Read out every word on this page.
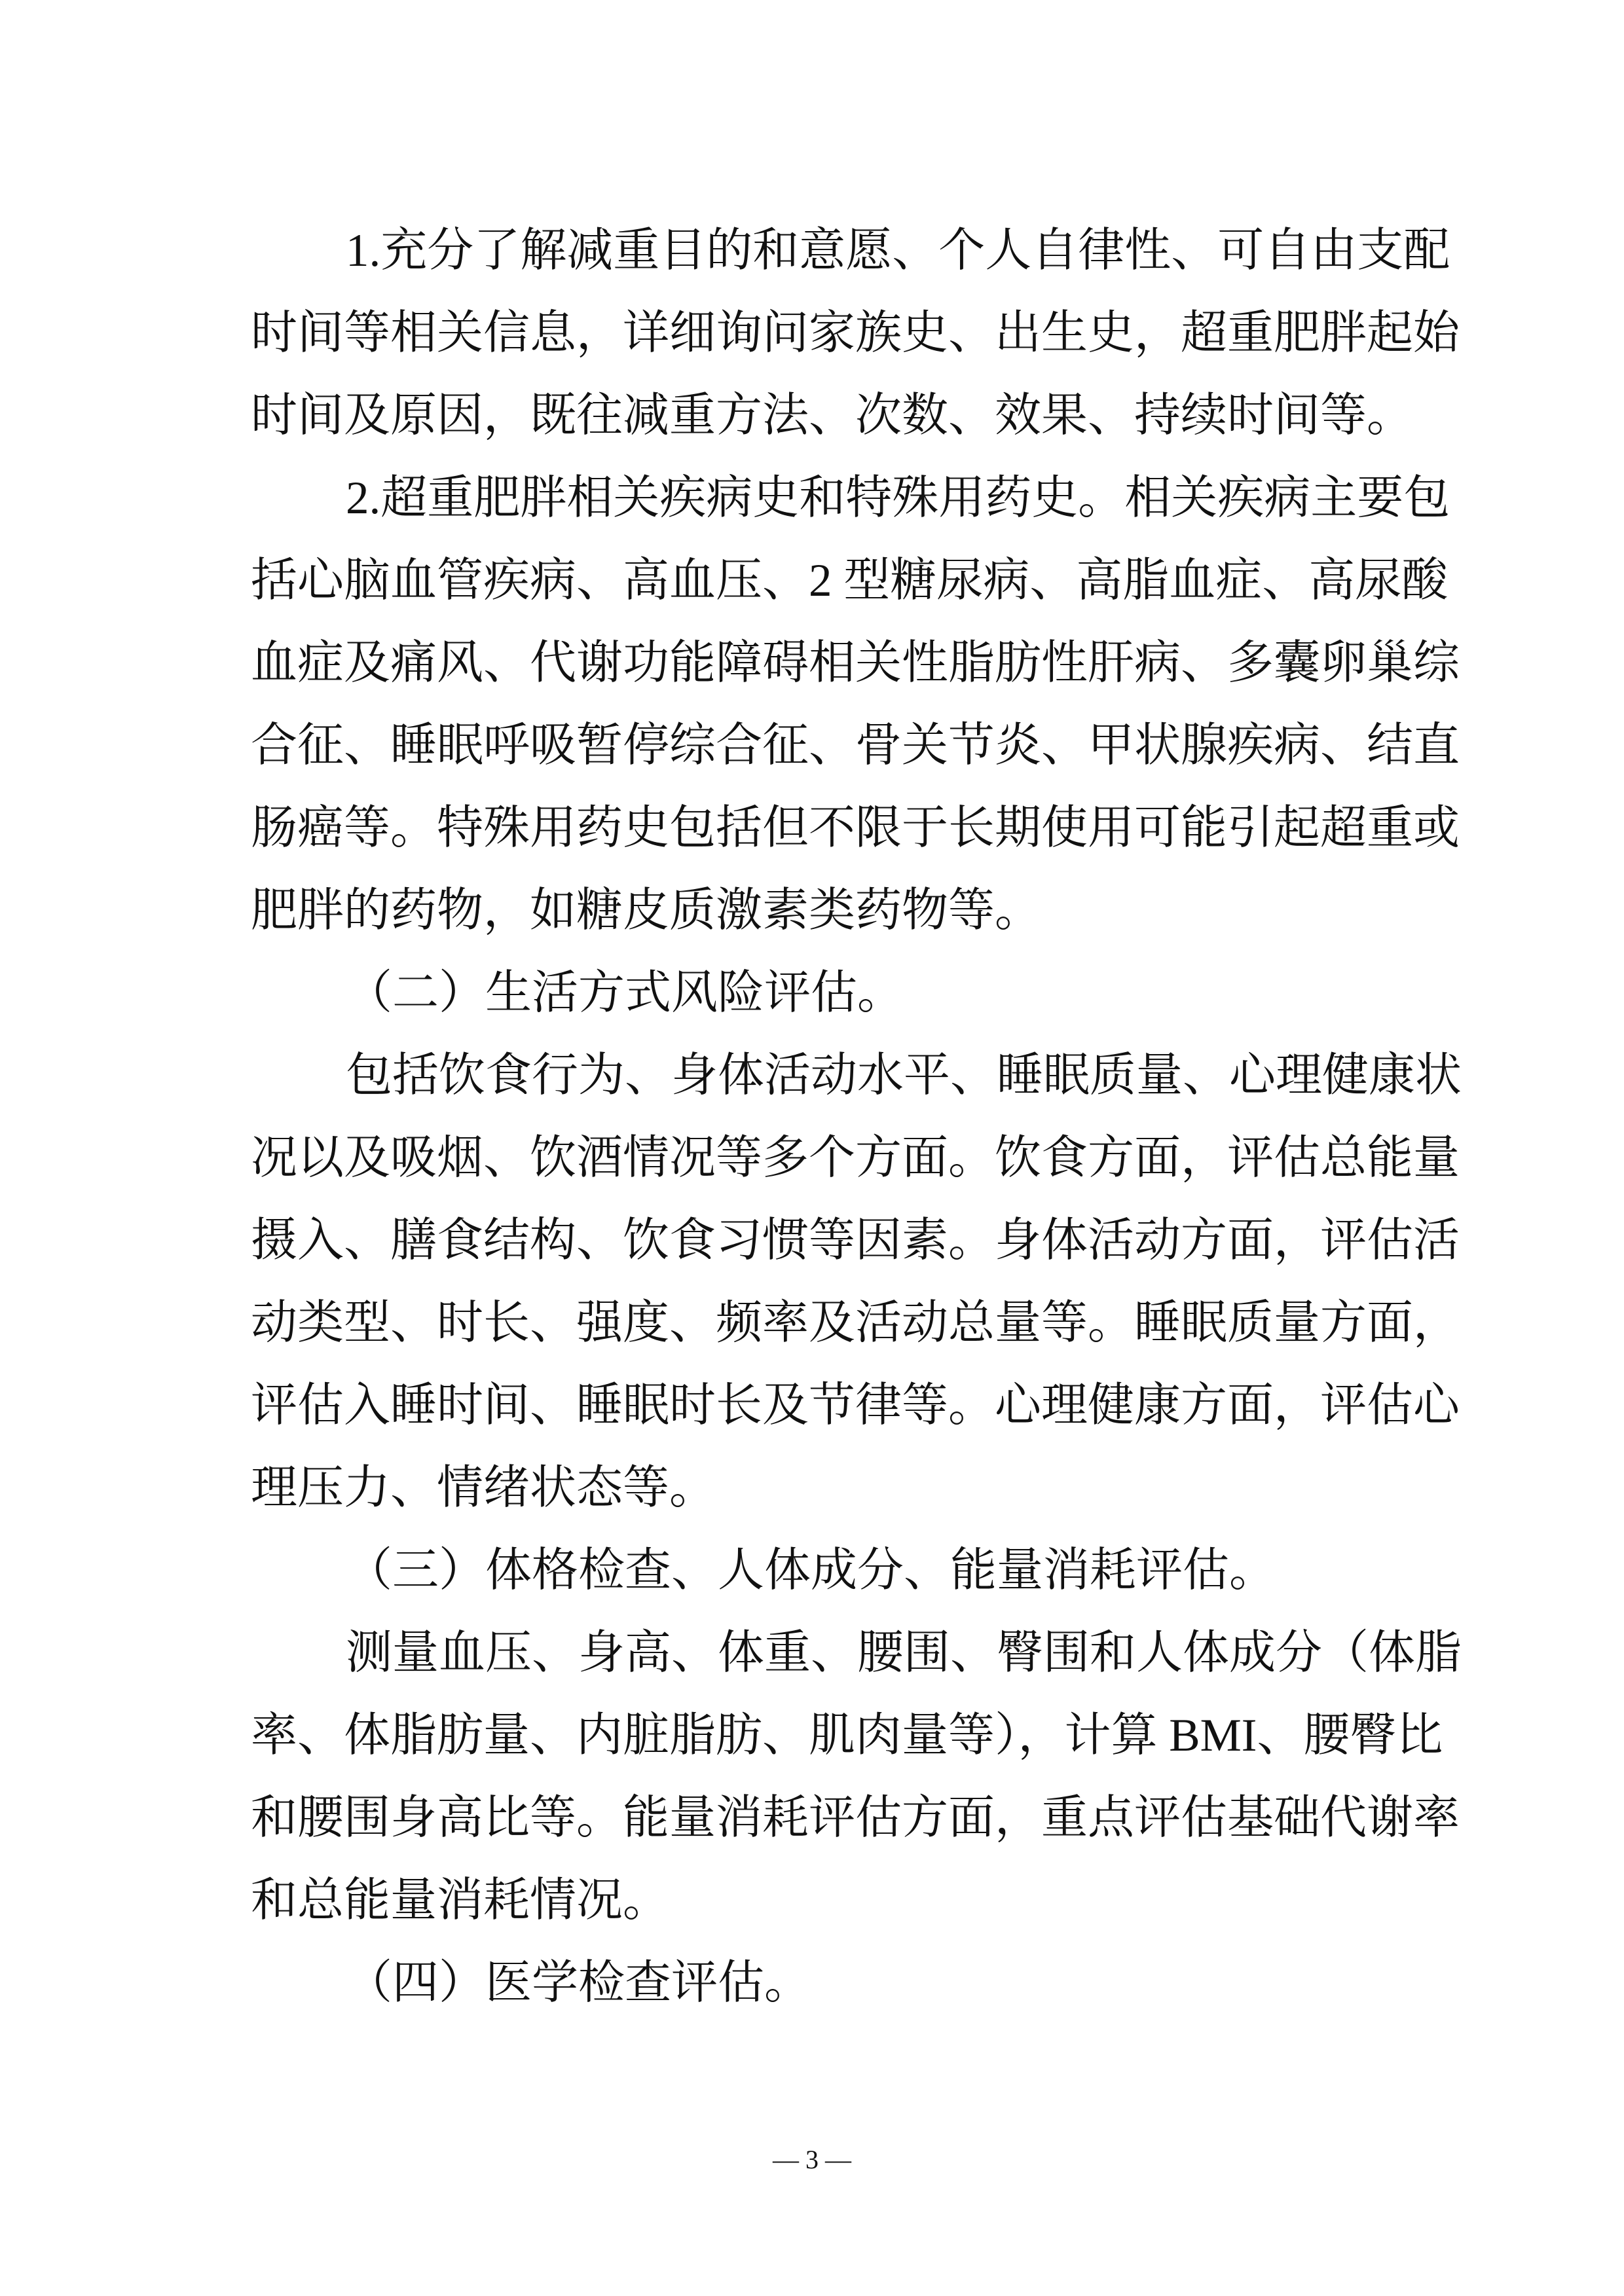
1.充分了解减重目的和意愿、个人自律性、可自由支配
时间等相关信息，详细询问家族史、出生史，超重肥胖起始
时间及原因，既往减重方法、次数、效果、持续时间等。
2.超重肥胖相关疾病史和特殊用药史。相关疾病主要包
括心脑血管疾病、高血压、2 型糖尿病、高脂血症、高尿酸
血症及痛风、代谢功能障碍相关性脂肪性肝病、多囊卵巢综
合征、睡眠呼吸暂停综合征、骨关节炎、甲状腺疾病、结直
肠癌等。特殊用药史包括但不限于长期使用可能引起超重或
肥胖的药物，如糖皮质激素类药物等。
（二）生活方式风险评估。
包括饮食行为、身体活动水平、睡眠质量、心理健康状
况以及吸烟、饮酒情况等多个方面。饮食方面，评估总能量
摄入、膳食结构、饮食习惯等因素。身体活动方面，评估活
动类型、时长、强度、频率及活动总量等。睡眠质量方面，
评估入睡时间、睡眠时长及节律等。心理健康方面，评估心
理压力、情绪状态等。
（三）体格检查、人体成分、能量消耗评估。
测量血压、身高、体重、腰围、臀围和人体成分（体脂
率、体脂肪量、内脏脂肪、肌肉量等），计算 BMI、腰臀比
和腰围身高比等。能量消耗评估方面，重点评估基础代谢率
和总能量消耗情况。
（四）医学检查评估。
— 3 —
